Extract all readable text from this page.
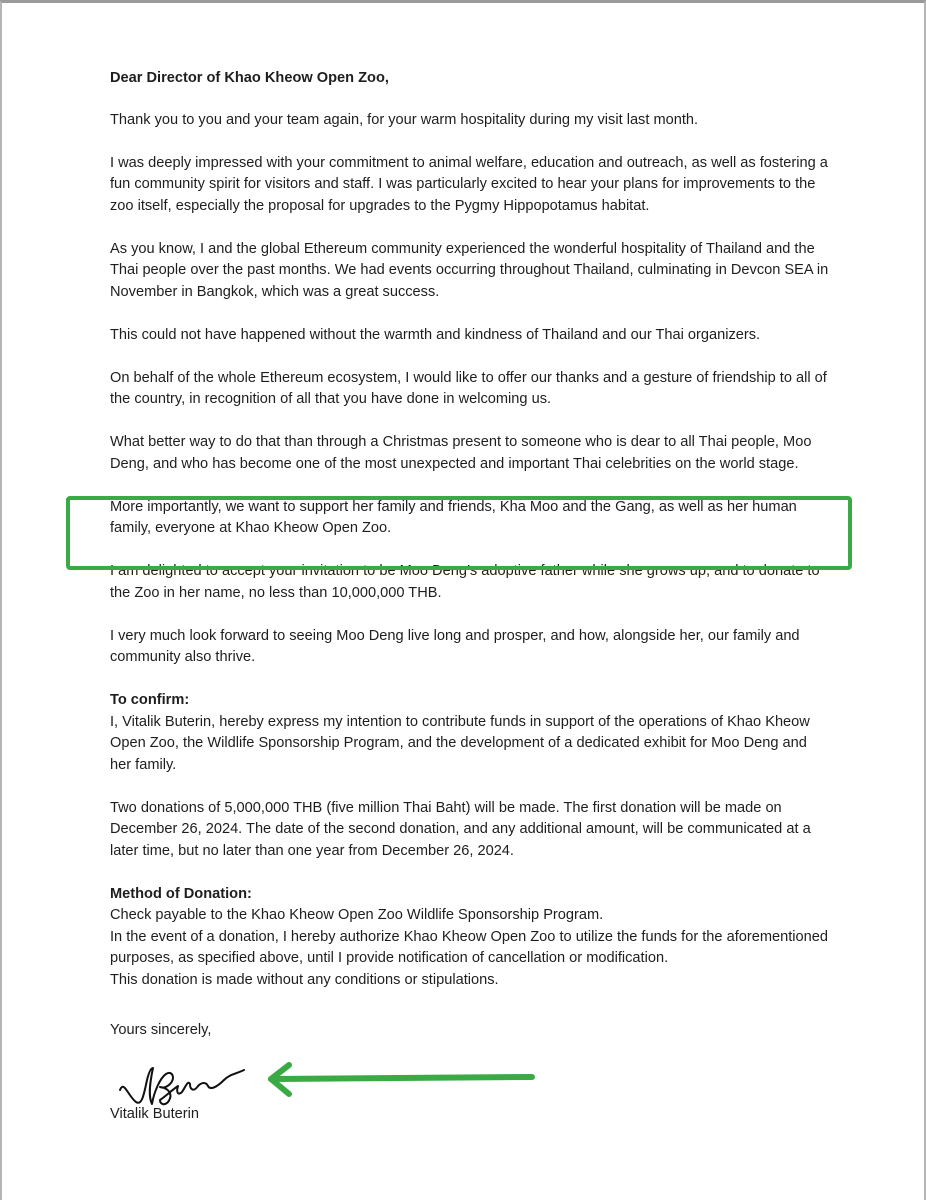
Dear Director of Khao Kheow Open Zoo,

Thank you to you and your team again, for your warm hospitality during my visit last month.

I was deeply impressed with your commitment to animal welfare, education and outreach, as well as fostering a fun community spirit for visitors and staff. I was particularly excited to hear your plans for improvements to the zoo itself, especially the proposal for upgrades to the Pygmy Hippopotamus habitat.

As you know, I and the global Ethereum community experienced the wonderful hospitality of Thailand and the Thai people over the past months. We had events occurring throughout Thailand, culminating in Devcon SEA in November in Bangkok, which was a great success.

This could not have happened without the warmth and kindness of Thailand and our Thai organizers.

On behalf of the whole Ethereum ecosystem, I would like to offer our thanks and a gesture of friendship to all of the country, in recognition of all that you have done in welcoming us.

What better way to do that than through a Christmas present to someone who is dear to all Thai people, Moo Deng, and who has become one of the most unexpected and important Thai celebrities on the world stage.

More importantly, we want to support her family and friends, Kha Moo and the Gang, as well as her human family, everyone at Khao Kheow Open Zoo.

I am delighted to accept your invitation to be Moo Deng’s adoptive father while she grows up, and to donate to the Zoo in her name, no less than 10,000,000 THB.

I very much look forward to seeing Moo Deng live long and prosper, and how, alongside her, our family and community also thrive.

To confirm:

I, Vitalik Buterin, hereby express my intention to contribute funds in support of the operations of Khao Kheow Open Zoo, the Wildlife Sponsorship Program, and the development of a dedicated exhibit for Moo Deng and her family.

Two donations of 5,000,000 THB (five million Thai Baht) will be made. The first donation will be made on December 26, 2024. The date of the second donation, and any additional amount, will be communicated at a later time, but no later than one year from December 26, 2024.

Method of Donation:

Check payable to the Khao Kheow Open Zoo Wildlife Sponsorship Program.

In the event of a donation, I hereby authorize Khao Kheow Open Zoo to utilize the funds for the aforementioned purposes, as specified above, until I provide notification of cancellation or modification.

This donation is made without any conditions or stipulations.

Yours sincerely,
Vitalik Buterin
